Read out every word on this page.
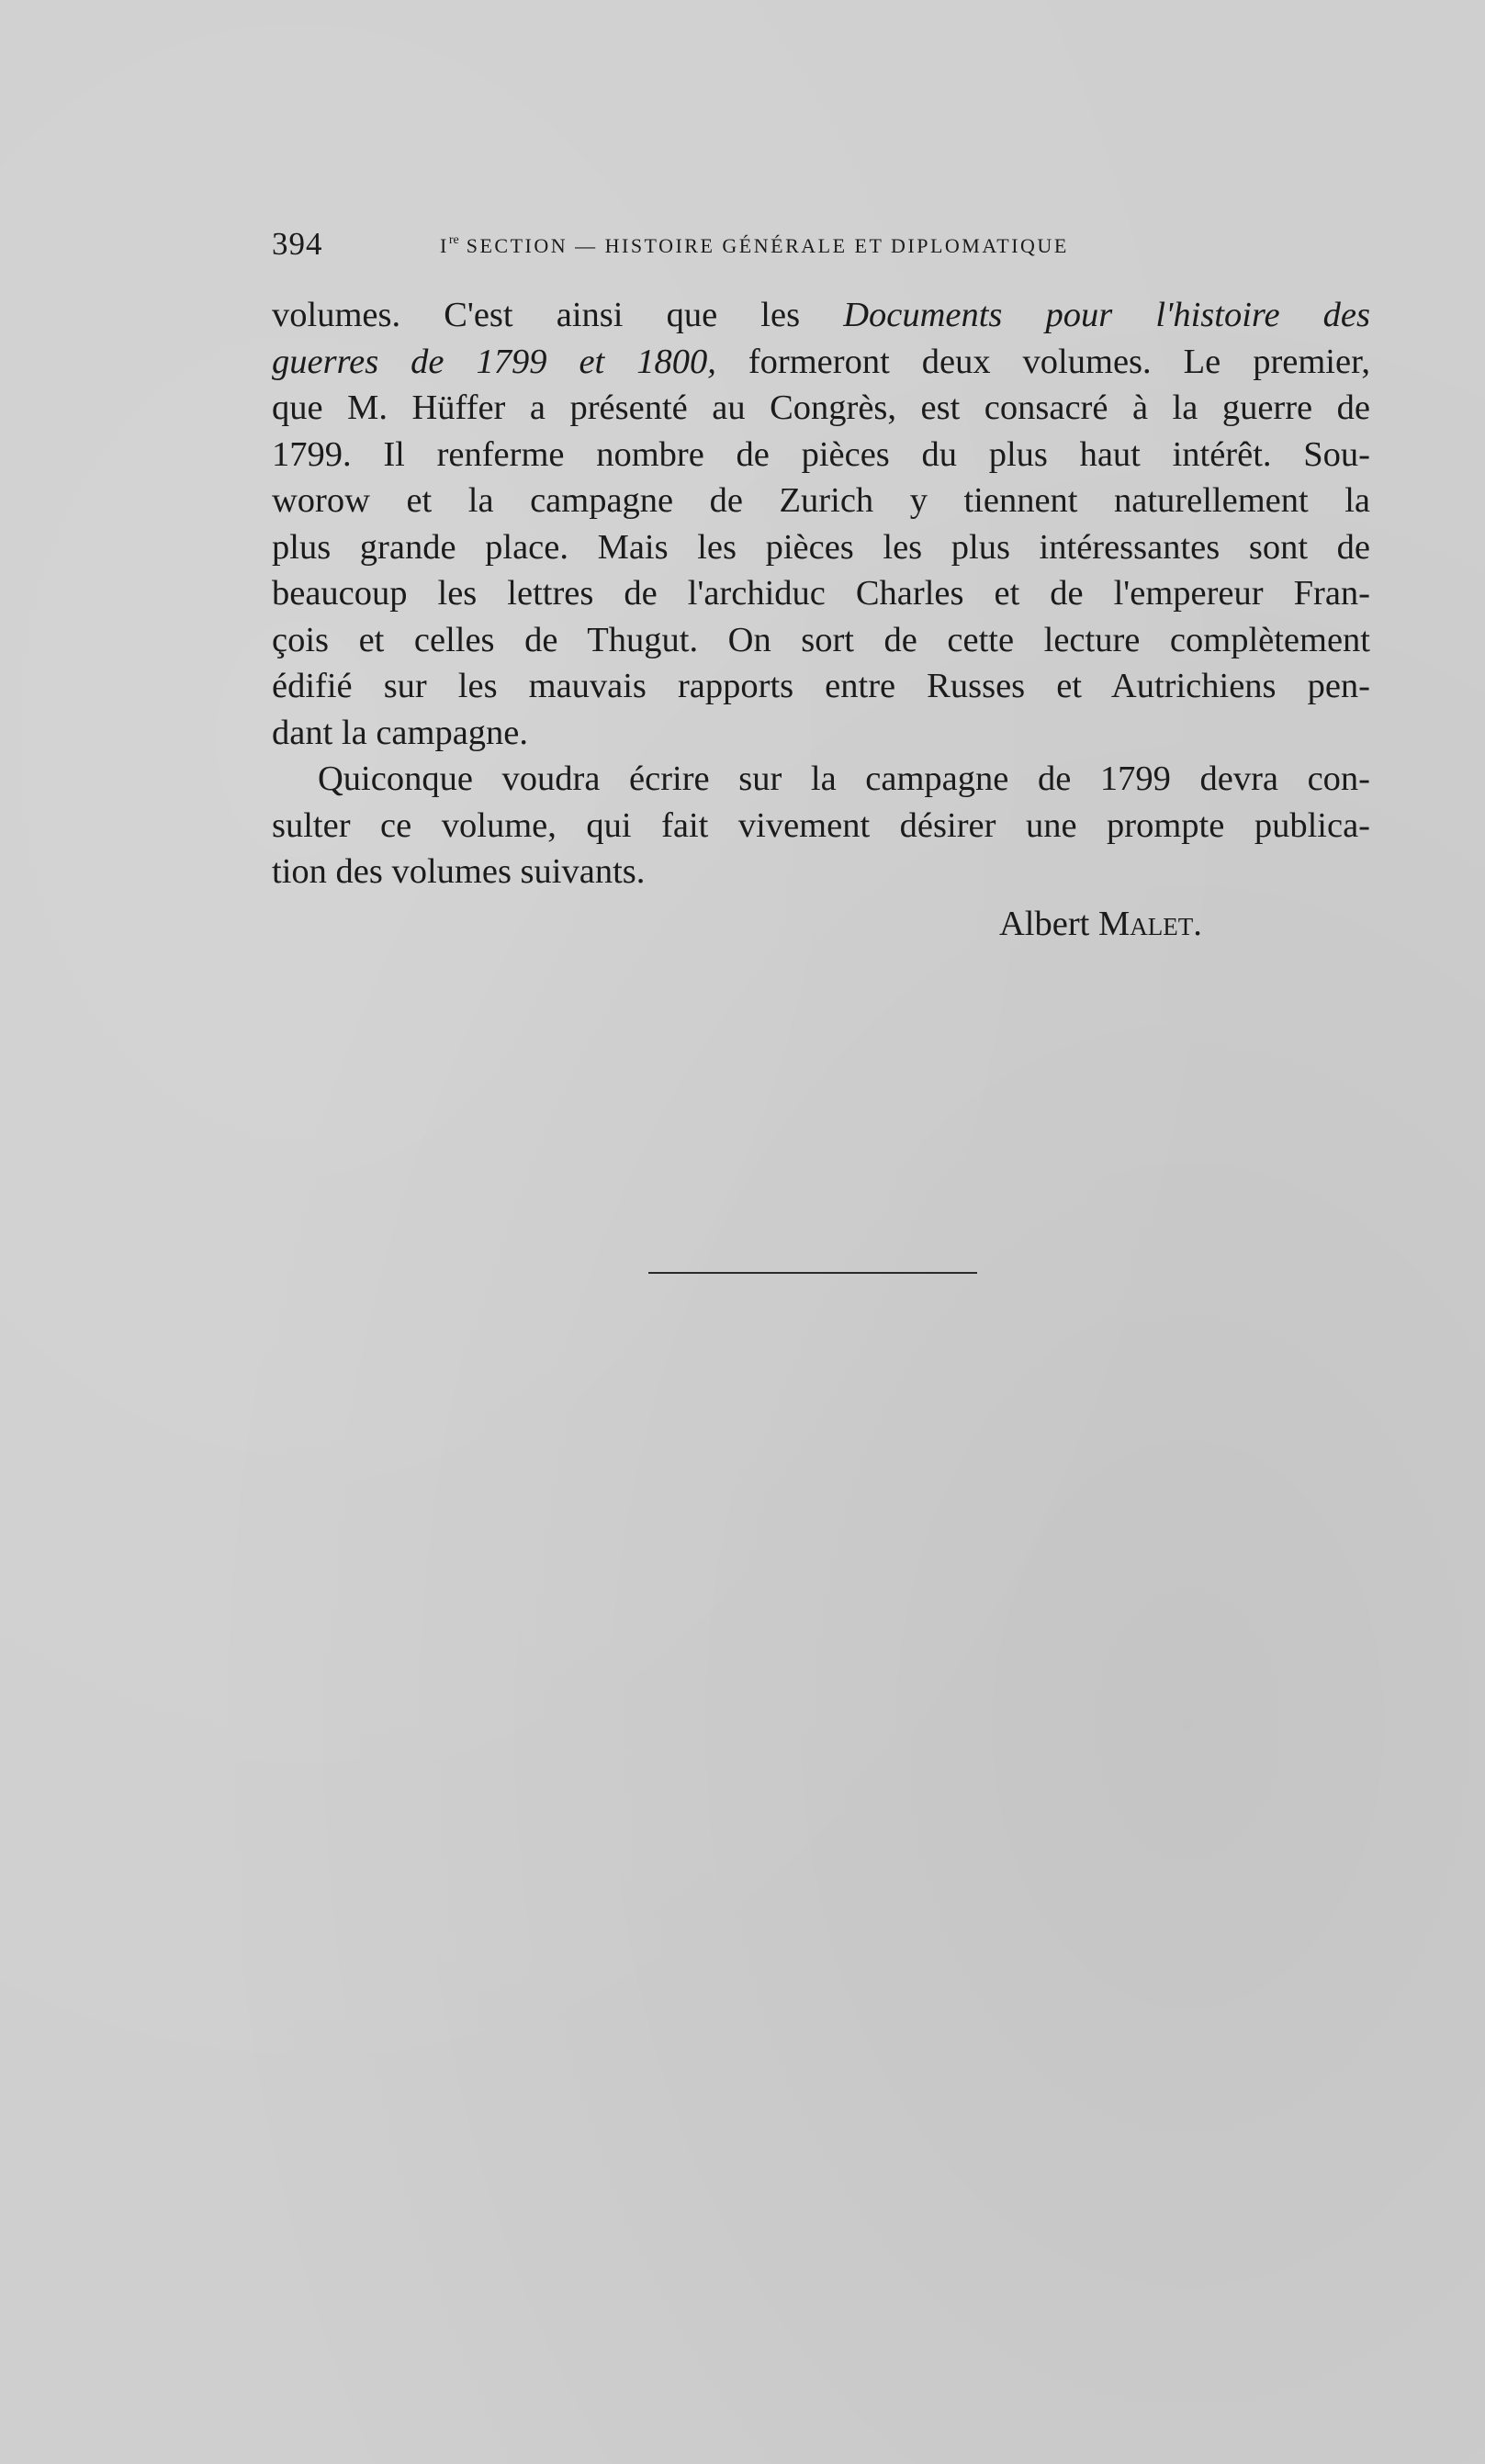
394	Ire SECTION — HISTOIRE GÉNÉRALE ET DIPLOMATIQUE
volumes. C'est ainsi que les Documents pour l'histoire des
guerres de 1799 et 1800, formeront deux volumes. Le premier,
que M. Hüffer a présenté au Congrès, est consacré à la guerre de
1799. Il renferme nombre de pièces du plus haut intérêt. Sou-
worow et la campagne de Zurich y tiennent naturellement la
plus grande place. Mais les pièces les plus intéressantes sont de
beaucoup les lettres de l'archiduc Charles et de l'empereur Fran-
çois et celles de Thugut. On sort de cette lecture complètement
édifié sur les mauvais rapports entre Russes et Autrichiens pen-
dant la campagne.
Quiconque voudra écrire sur la campagne de 1799 devra con-
sulter ce volume, qui fait vivement désirer une prompte publica-
tion des volumes suivants.
Albert Malet.
